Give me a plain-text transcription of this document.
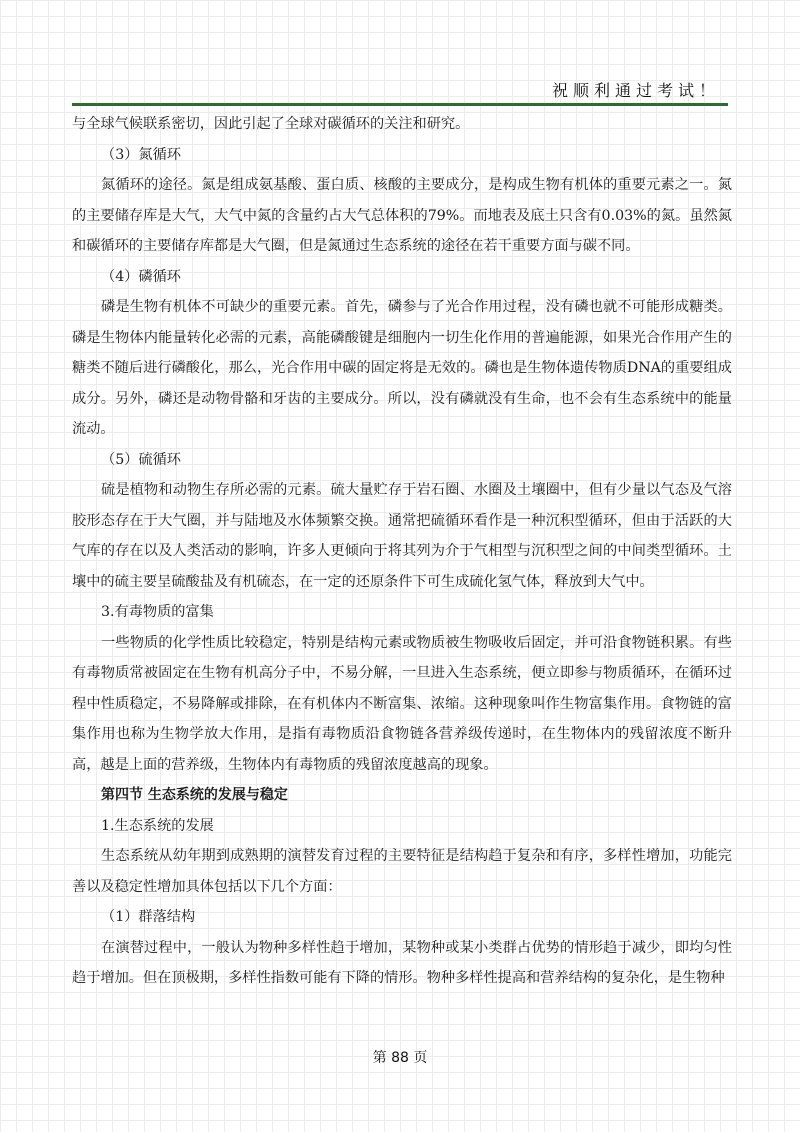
祝顺利通过考试！

与全球气候联系密切，因此引起了全球对碳循环的关注和研究。

（3）氮循环

氮循环的途径。氮是组成氨基酸、蛋白质、核酸的主要成分，是构成生物有机体的重要元素之一。氮的主要储存库是大气，大气中氮的含量约占大气总体积的79%。而地表及底土只含有0.03%的氮。虽然氮和碳循环的主要储存库都是大气圈，但是氮通过生态系统的途径在若干重要方面与碳不同。

（4）磷循环

磷是生物有机体不可缺少的重要元素。首先，磷参与了光合作用过程，没有磷也就不可能形成糖类。磷是生物体内能量转化必需的元素，高能磷酸键是细胞内一切生化作用的普遍能源，如果光合作用产生的糖类不随后进行磷酸化，那么，光合作用中碳的固定将是无效的。磷也是生物体遗传物质DNA的重要组成成分。另外，磷还是动物骨骼和牙齿的主要成分。所以，没有磷就没有生命，也不会有生态系统中的能量流动。

（5）硫循环

硫是植物和动物生存所必需的元素。硫大量贮存于岩石圈、水圈及土壤圈中，但有少量以气态及气溶胶形态存在于大气圈，并与陆地及水体频繁交换。通常把硫循环看作是一种沉积型循环，但由于活跃的大气库的存在以及人类活动的影响，许多人更倾向于将其列为介于气相型与沉积型之间的中间类型循环。土壤中的硫主要呈硫酸盐及有机硫态，在一定的还原条件下可生成硫化氢气体，释放到大气中。

3.有毒物质的富集

一些物质的化学性质比较稳定，特别是结构元素或物质被生物吸收后固定，并可沿食物链积累。有些有毒物质常被固定在生物有机高分子中，不易分解，一旦进入生态系统，便立即参与物质循环，在循环过程中性质稳定，不易降解或排除，在有机体内不断富集、浓缩。这种现象叫作生物富集作用。食物链的富集作用也称为生物学放大作用，是指有毒物质沿食物链各营养级传递时，在生物体内的残留浓度不断升高，越是上面的营养级，生物体内有毒物质的残留浓度越高的现象。

第四节 生态系统的发展与稳定

1.生态系统的发展

生态系统从幼年期到成熟期的演替发育过程的主要特征是结构趋于复杂和有序，多样性增加，功能完善以及稳定性增加具体包括以下几个方面：

（1）群落结构

在演替过程中，一般认为物种多样性趋于增加，某物种或某小类群占优势的情形趋于减少，即均匀性趋于增加。但在顶极期，多样性指数可能有下降的情形。物种多样性提高和营养结构的复杂化，是生物种

第 88 页
